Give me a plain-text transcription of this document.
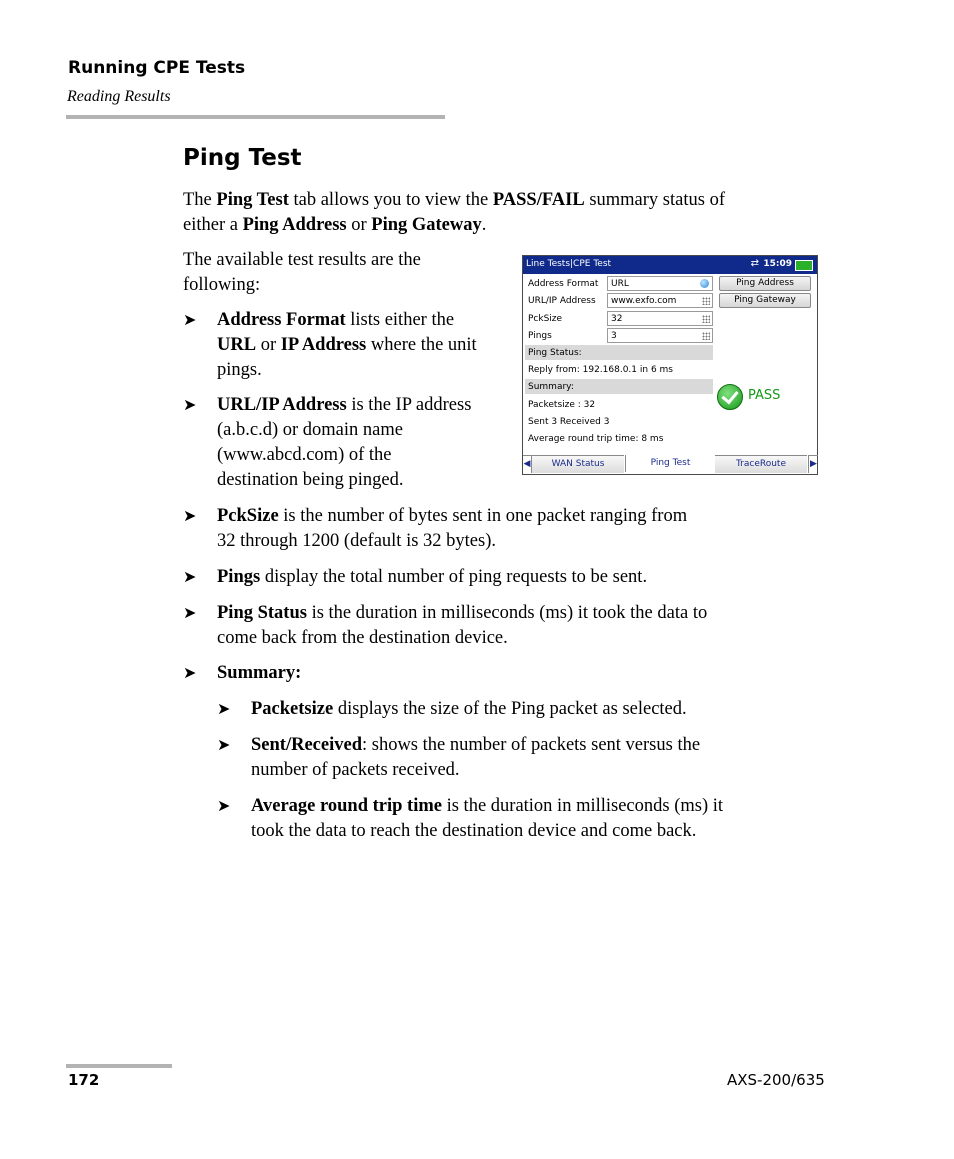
Running CPE Tests
Reading Results
Ping Test
The Ping Test tab allows you to view the PASS/FAIL summary status of
either a Ping Address or Ping Gateway.
The available test results are the
following:
➤	Address Format lists either the
URL or IP Address where the unit
pings.
➤	URL/IP Address is the IP address
(a.b.c.d) or domain name
(www.abcd.com) of the
destination being pinged.
Line Tests|CPE Test	⇄ 15:09
Address Format	URL
URL/IP Address	www.exfo.com
PckSize	32
Pings	3
Ping Address
Ping Gateway
Ping Status:
Reply from: 192.168.0.1 in 6 ms
Summary:
Packetsize : 32
Sent 3 Received 3
Average round trip time: 8 ms
PASS
◀	WAN Status	Ping Test	TraceRoute	▶
➤	PckSize is the number of bytes sent in one packet ranging from
32 through 1200 (default is 32 bytes).
➤	Pings display the total number of ping requests to be sent.
➤	Ping Status is the duration in milliseconds (ms) it took the data to
come back from the destination device.
➤	Summary:
➤	Packetsize displays the size of the Ping packet as selected.
➤	Sent/Received: shows the number of packets sent versus the
number of packets received.
➤	Average round trip time is the duration in milliseconds (ms) it
took the data to reach the destination device and come back.
172	AXS-200/635
